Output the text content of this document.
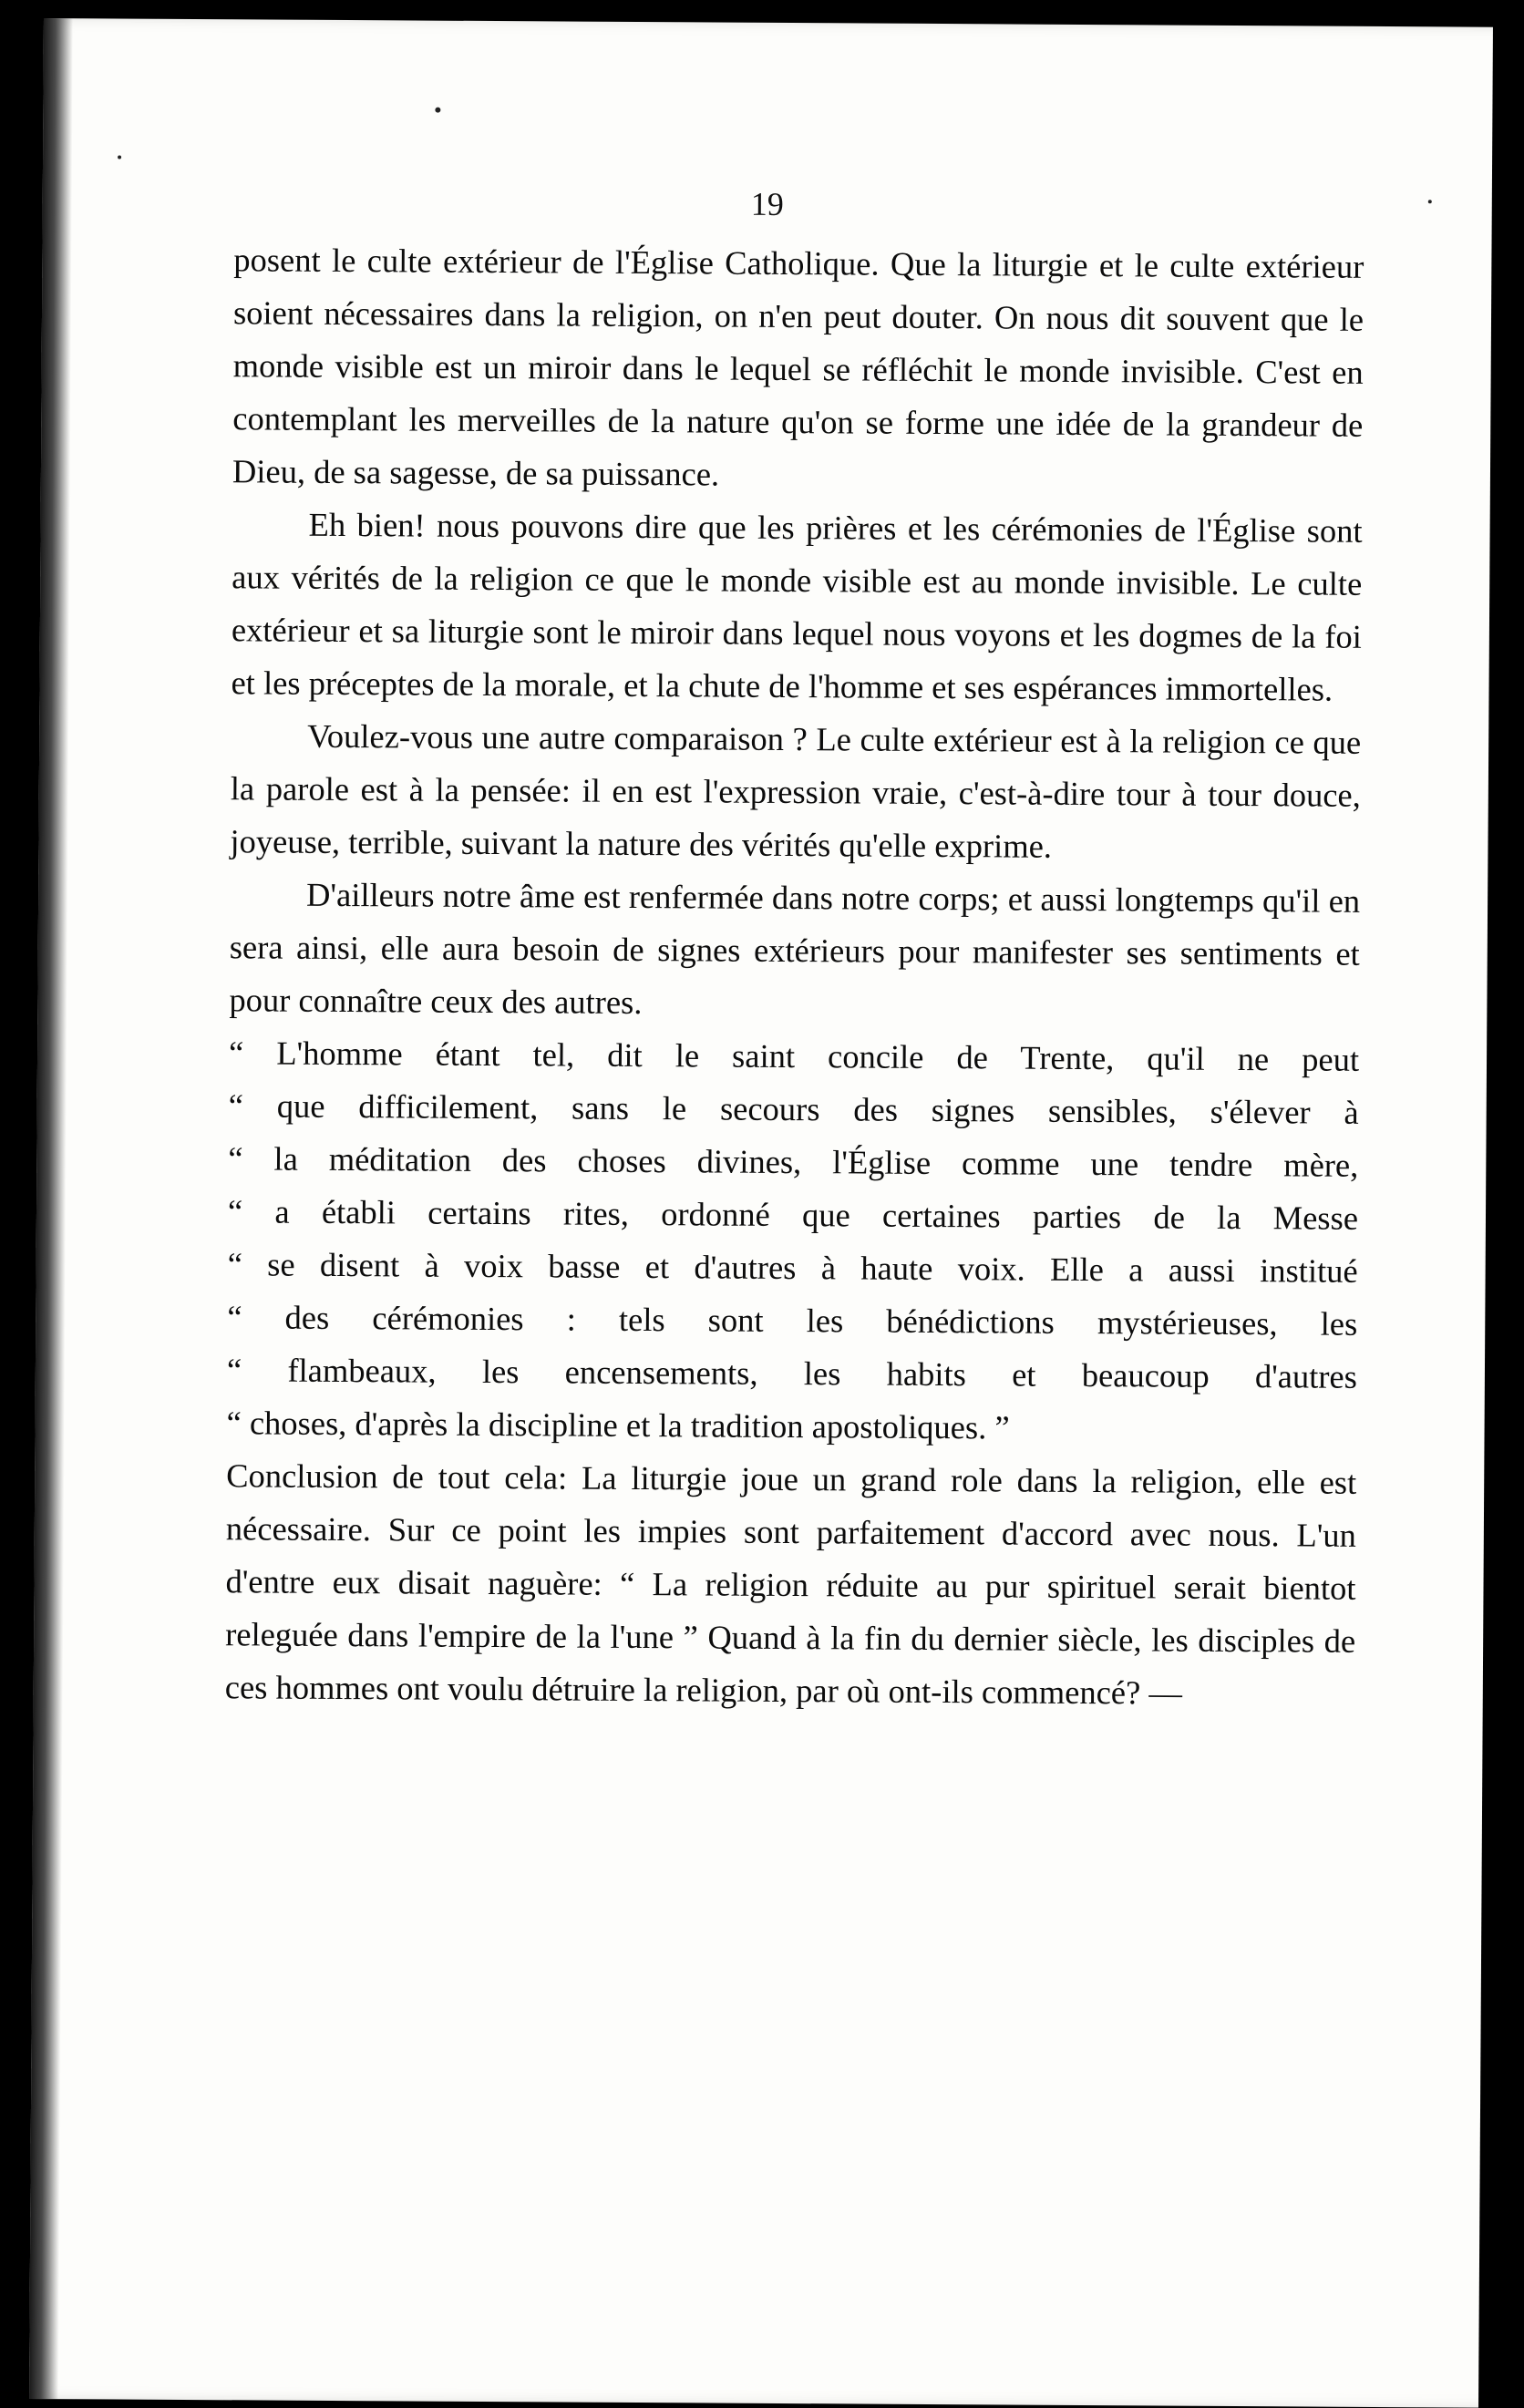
19

posent le culte extérieur de l'Église Catholique. Que la liturgie et le culte extérieur soient nécessaires dans la religion, on n'en peut douter. On nous dit souvent que le monde visible est un miroir dans le lequel se réfléchit le monde invisible. C'est en contemplant les merveilles de la nature qu'on se forme une idée de la grandeur de Dieu, de sa sagesse, de sa puissance.

Eh bien! nous pouvons dire que les prières et les cérémonies de l'Église sont aux vérités de la religion ce que le monde visible est au monde invisible. Le culte extérieur et sa liturgie sont le miroir dans lequel nous voyons et les dogmes de la foi et les préceptes de la morale, et la chute de l'homme et ses espérances immortelles.

Voulez-vous une autre comparaison ? Le culte extérieur est à la religion ce que la parole est à la pensée: il en est l'expression vraie, c'est-à-dire tour à tour douce, joyeuse, terrible, suivant la nature des vérités qu'elle exprime.

D'ailleurs notre âme est renfermée dans notre corps; et aussi longtemps qu'il en sera ainsi, elle aura besoin de signes extérieurs pour manifester ses sentiments et pour connaître ceux des autres.

“ L'homme étant tel, dit le saint concile de Trente, qu'il ne peut
“ que difficilement, sans le secours des signes sensibles, s'élever à
“ la méditation des choses divines, l'Église comme une tendre mère,
“ a établi certains rites, ordonné que certaines parties de la Messe
“ se disent à voix basse et d'autres à haute voix. Elle a aussi institué
“ des cérémonies : tels sont les bénédictions mystérieuses, les
“ flambeaux, les encensements, les habits et beaucoup d'autres
“ choses, d'après la discipline et la tradition apostoliques. ”

Conclusion de tout cela: La liturgie joue un grand role dans la religion, elle est nécessaire. Sur ce point les impies sont parfaitement d'accord avec nous. L'un d'entre eux disait naguère: “ La religion réduite au pur spirituel serait bientot releguée dans l'empire de la l'une ” Quand à la fin du dernier siècle, les disciples de ces hommes ont voulu détruire la religion, par où ont-ils commencé? —
